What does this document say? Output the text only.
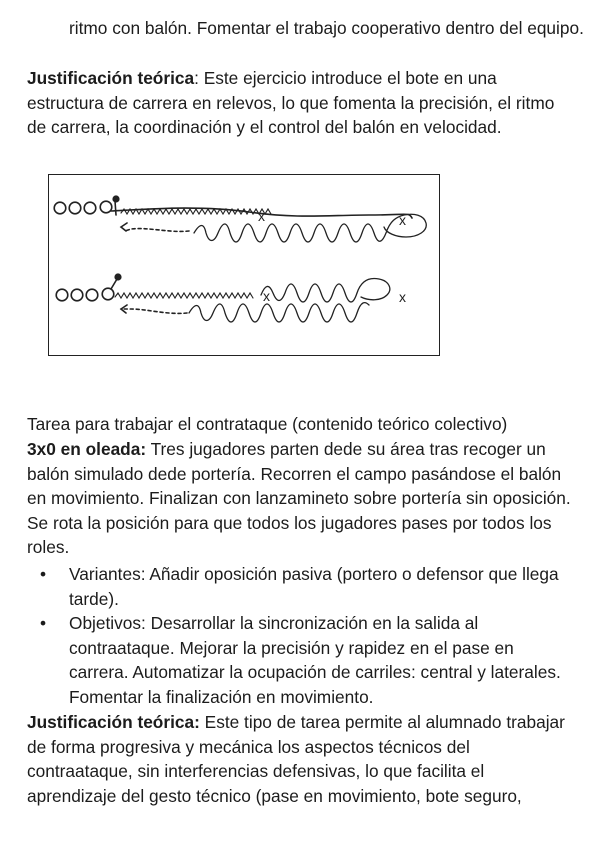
ritmo con balón. Fomentar el trabajo cooperativo dentro del equipo.

Justificación teórica: Este ejercicio introduce el bote en una estructura de carrera en relevos, lo que fomenta la precisión, el ritmo de carrera, la coordinación y el control del balón en velocidad.

x	x
x	x

Tarea para trabajar el contrataque (contenido teórico colectivo)

3x0 en oleada: Tres jugadores parten dede su área tras recoger un balón simulado dede portería. Recorren el campo pasándose el balón en movimiento. Finalizan con lanzamineto sobre portería sin oposición. Se rota la posición para que todos los jugadores pases por todos los roles.

• Variantes: Añadir oposición pasiva (portero o defensor que llega tarde).
• Objetivos: Desarrollar la sincronización en la salida al contraataque. Mejorar la precisión y rapidez en el pase en carrera. Automatizar la ocupación de carriles: central y laterales. Fomentar la finalización en movimiento.

Justificación teórica: Este tipo de tarea permite al alumnado trabajar de forma progresiva y mecánica los aspectos técnicos del contraataque, sin interferencias defensivas, lo que facilita el aprendizaje del gesto técnico (pase en movimiento, bote seguro,
